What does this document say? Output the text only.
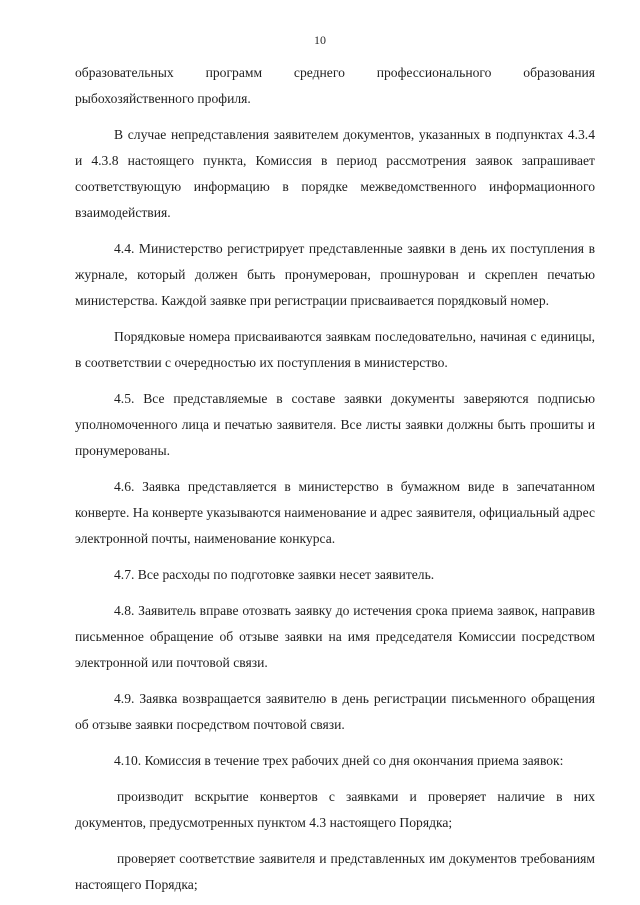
10

образовательных программ среднего профессионального образования рыбохозяйственного профиля.

В случае непредставления заявителем документов, указанных в подпунктах 4.3.4 и 4.3.8 настоящего пункта, Комиссия в период рассмотрения заявок запрашивает соответствующую информацию в порядке межведомственного информационного взаимодействия.

4.4. Министерство регистрирует представленные заявки в день их поступления в журнале, который должен быть пронумерован, прошнурован и скреплен печатью министерства. Каждой заявке при регистрации присваивается порядковый номер.

Порядковые номера присваиваются заявкам последовательно, начиная с единицы, в соответствии с очередностью их поступления в министерство.

4.5. Все представляемые в составе заявки документы заверяются подписью уполномоченного лица и печатью заявителя. Все листы заявки должны быть прошиты и пронумерованы.

4.6. Заявка представляется в министерство в бумажном виде в запечатанном конверте. На конверте указываются наименование и адрес заявителя, официальный адрес электронной почты, наименование конкурса.

4.7. Все расходы по подготовке заявки несет заявитель.

4.8. Заявитель вправе отозвать заявку до истечения срока приема заявок, направив письменное обращение об отзыве заявки на имя председателя Комиссии посредством электронной или почтовой связи.

4.9. Заявка возвращается заявителю в день регистрации письменного обращения об отзыве заявки посредством почтовой связи.

4.10. Комиссия в течение трех рабочих дней со дня окончания приема заявок:

производит вскрытие конвертов с заявками и проверяет наличие в них документов, предусмотренных пунктом 4.3 настоящего Порядка;

проверяет соответствие заявителя и представленных им документов требованиям настоящего Порядка;
